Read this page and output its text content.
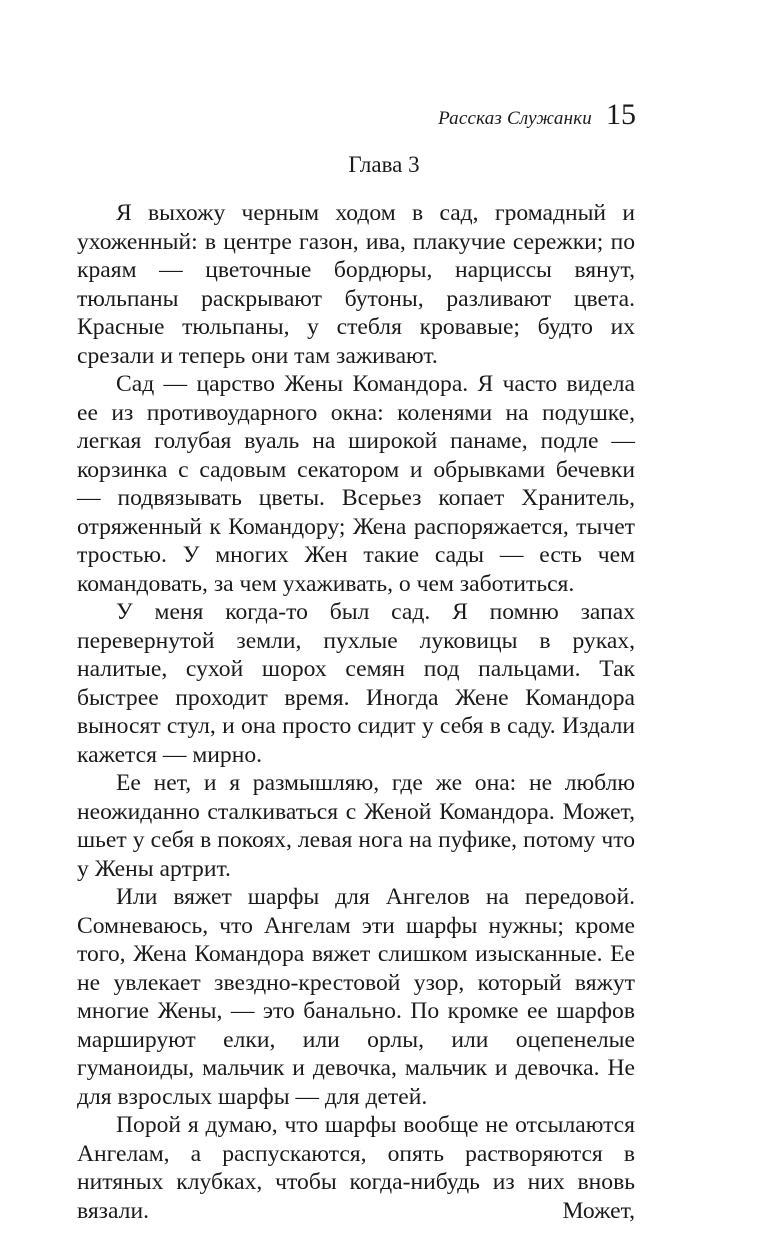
Рассказ Служанки 15
Глава 3

Я выхожу черным ходом в сад, громадный и ухоженный: в центре газон, ива, плакучие сережки; по краям — цветочные бордюры, нарциссы вянут, тюльпаны раскрывают бутоны, разливают цвета. Красные тюльпаны, у стебля кровавые; будто их срезали и теперь они там заживают.

Сад — царство Жены Командора. Я часто видела ее из противоударного окна: коленями на подушке, легкая голубая вуаль на широкой панаме, подле — корзинка с садовым секатором и обрывками бечевки — подвязывать цветы. Всерьез копает Хранитель, отряженный к Командору; Жена распоряжается, тычет тростью. У многих Жен такие сады — есть чем командовать, за чем ухаживать, о чем заботиться.

У меня когда-то был сад. Я помню запах перевернутой земли, пухлые луковицы в руках, налитые, сухой шорох семян под пальцами. Так быстрее проходит время. Иногда Жене Командора выносят стул, и она просто сидит у себя в саду. Издали кажется — мирно.

Ее нет, и я размышляю, где же она: не люблю неожиданно сталкиваться с Женой Командора. Может, шьет у себя в покоях, левая нога на пуфике, потому что у Жены артрит.

Или вяжет шарфы для Ангелов на передовой. Сомневаюсь, что Ангелам эти шарфы нужны; кроме того, Жена Командора вяжет слишком изысканные. Ее не увлекает звездно-крестовой узор, который вяжут многие Жены, — это банально. По кромке ее шарфов маршируют елки, или орлы, или оцепенелые гуманоиды, мальчик и девочка, мальчик и девочка. Не для взрослых шарфы — для детей.

Порой я думаю, что шарфы вообще не отсылаются Ангелам, а распускаются, опять растворяются в нитяных клубках, чтобы когда-нибудь из них вновь вязали. Может,
